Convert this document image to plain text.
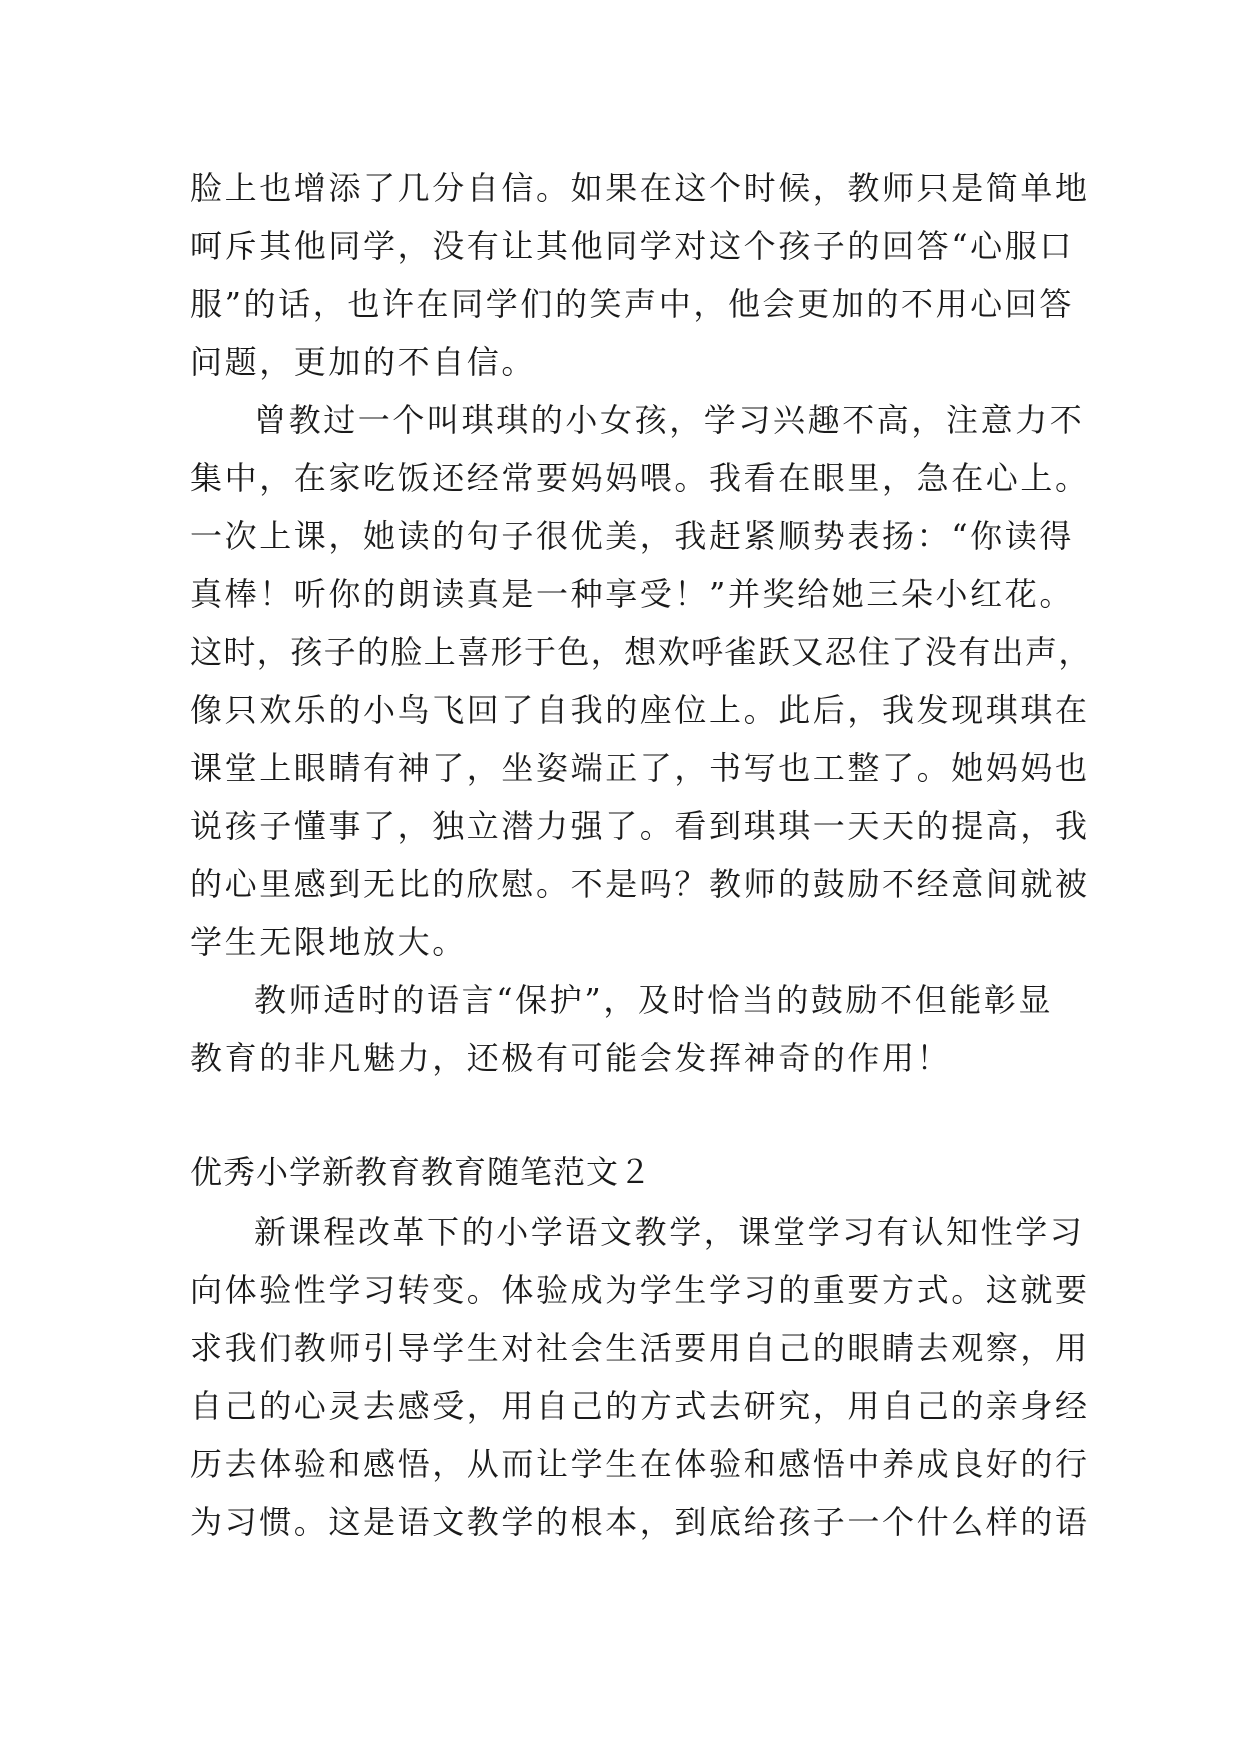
脸上也增添了几分自信。如果在这个时候，教师只是简单地
呵斥其他同学，没有让其他同学对这个孩子的回答“心服口
服”的话，也许在同学们的笑声中，他会更加的不用心回答
问题，更加的不自信。
曾教过一个叫琪琪的小女孩，学习兴趣不高，注意力不
集中，在家吃饭还经常要妈妈喂。我看在眼里，急在心上。
一次上课，她读的句子很优美，我赶紧顺势表扬：“你读得
真棒！听你的朗读真是一种享受！”并奖给她三朵小红花。
这时，孩子的脸上喜形于色，想欢呼雀跃又忍住了没有出声，
像只欢乐的小鸟飞回了自我的座位上。此后，我发现琪琪在
课堂上眼睛有神了，坐姿端正了，书写也工整了。她妈妈也
说孩子懂事了，独立潜力强了。看到琪琪一天天的提高，我
的心里感到无比的欣慰。不是吗？教师的鼓励不经意间就被
学生无限地放大。
教师适时的语言“保护”，及时恰当的鼓励不但能彰显
教育的非凡魅力，还极有可能会发挥神奇的作用！
优秀小学新教育教育随笔范文２
新课程改革下的小学语文教学，课堂学习有认知性学习
向体验性学习转变。体验成为学生学习的重要方式。这就要
求我们教师引导学生对社会生活要用自己的眼睛去观察，用
自己的心灵去感受，用自己的方式去研究，用自己的亲身经
历去体验和感悟，从而让学生在体验和感悟中养成良好的行
为习惯。这是语文教学的根本，到底给孩子一个什么样的语
